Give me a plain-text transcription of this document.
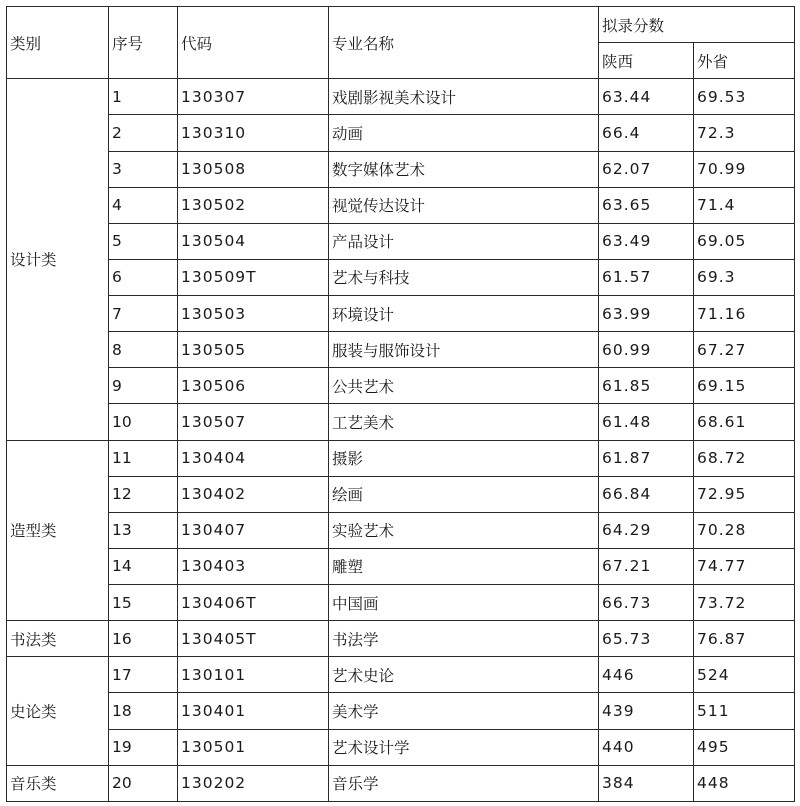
类别	序号	代码	专业名称	拟录分数	
				陕西	外省
设计类	1	130307	戏剧影视美术设计	63.44	69.53
	2	130310	动画	66.4	72.3
	3	130508	数字媒体艺术	62.07	70.99
	4	130502	视觉传达设计	63.65	71.4
	5	130504	产品设计	63.49	69.05
	6	130509T	艺术与科技	61.57	69.3
	7	130503	环境设计	63.99	71.16
	8	130505	服装与服饰设计	60.99	67.27
	9	130506	公共艺术	61.85	69.15
	10	130507	工艺美术	61.48	68.61
造型类	11	130404	摄影	61.87	68.72
	12	130402	绘画	66.84	72.95
	13	130407	实验艺术	64.29	70.28
	14	130403	雕塑	67.21	74.77
	15	130406T	中国画	66.73	73.72
书法类	16	130405T	书法学	65.73	76.87
史论类	17	130101	艺术史论	446	524
	18	130401	美术学	439	511
	19	130501	艺术设计学	440	495
音乐类	20	130202	音乐学	384	448
